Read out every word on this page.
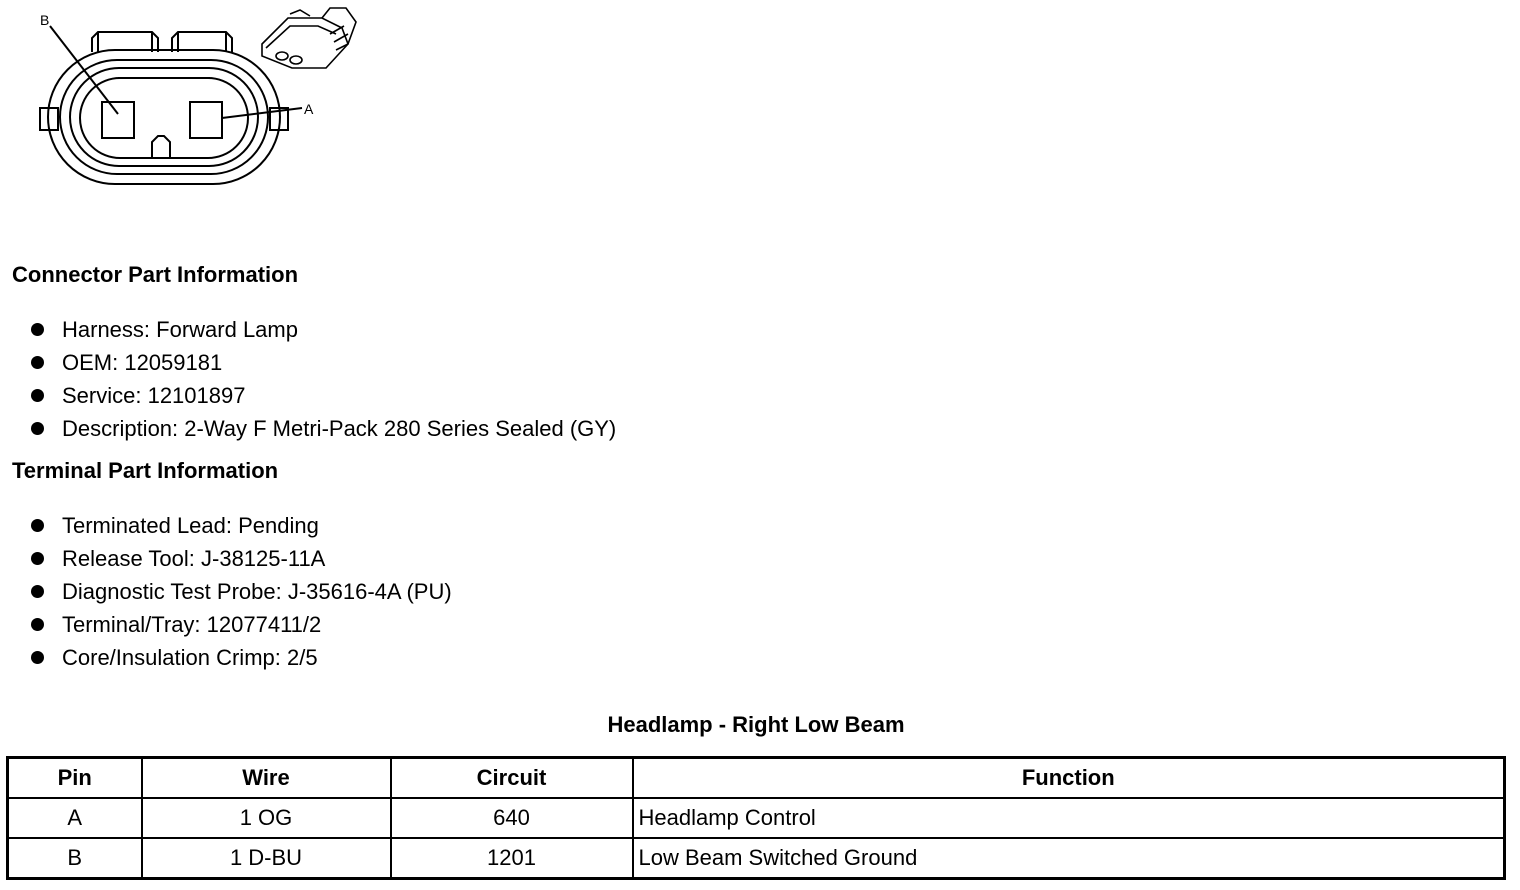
B
A
Connector Part Information
Harness: Forward Lamp
OEM: 12059181
Service: 12101897
Description: 2-Way F Metri-Pack 280 Series Sealed (GY)
Terminal Part Information
Terminated Lead: Pending
Release Tool: J-38125-11A
Diagnostic Test Probe: J-35616-4A (PU)
Terminal/Tray: 12077411/2
Core/Insulation Crimp: 2/5
Headlamp - Right Low Beam
Pin	Wire	Circuit	Function
A	1 OG	640	Headlamp Control
B	1 D-BU	1201	Low Beam Switched Ground
